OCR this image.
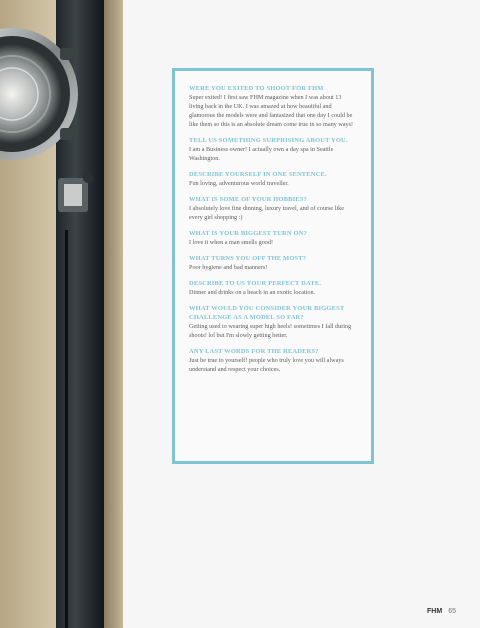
WERE YOU EXITED TO SHOOT FOR FHM
Super exited! I first saw FHM magazine when I was about 13 living back in the UK. I was amazed at how beautiful and glamorous the models were and fantasized that one day I could be like them so this is an absolute dream come true in so many ways!
TELL US SOMETHING SURPRISING ABOUT YOU.
I am a Business owner! I actually own a day spa in Seattle Washington.
DESCRIBE YOURSELF IN ONE SENTENCE.
Fun loving, adventurous world traveller.
WHAT IS SOME OF YOUR HOBBIES?
I absolutely love fine dinning, luxury travel, and of course like every girl shopping :)
WHAT IS YOUR BIGGEST TURN ON?
I love it when a man smells good!
WHAT TURNS YOU OFF THE MOST?
Poor hygiene and bad manners!
DESCRIBE TO US YOUR PERFECT DATE.
Dinner and drinks on a beach in an exotic location.
WHAT WOULD YOU CONSIDER YOUR BIGGEST CHALLENGE AS A MODEL SO FAR?
Getting used to wearing super high heels! sometimes I fall during shoots! lol but I'm slowly getting better.
ANY LAST WORDS FOR THE READERS?
Just be true to yourself! people who truly love you will always understand and respect your choices.
FHM 65
